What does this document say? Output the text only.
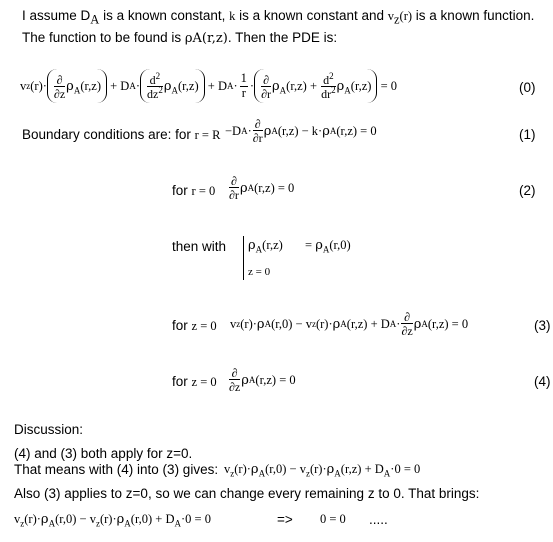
I assume $D_A$ is a known constant, k is a known constant and $v_z(r)$ is a known function.
The function to be found is ρA(r,z). Then the PDE is:
v z (r)· ∂
∂z
$\rho_A(r,z) + D$ $A \cdot \frac{d^2}{dz^2} \rho_A(r,z) + D$ $A \cdot \frac{1}{r}$ · ∂
∂r
$\rho_A(r,z) + \frac{d^2}{dr^2} \rho_A(r,z) = 0$	(0)
Boundary conditions are: for r = R −D A · ∂
∂r ρ A (r,z) − k· ρ A (r,z) = 0	(1)
for r = 0
∂
∂r ρ A (r,z) = 0	(2)
then with $\rho_A(r,z) = \rho_A(r,0)$
z = 0
for z = 0 v z (r)· ρ A (r,0) − v z (r)· ρ A (r,z) + D A · ∂
∂z ρ A (r,z) = 0	(3)
for z = 0
∂
∂z ρ A (r,z) = 0	(4)
Discussion:
(4) and (3) both apply for z=0.
That means with (4) into (3) gives: $v_z(r)\cdot\rho_A(r,0) - v_z(r)\cdot\rho_A(r,z) + D_A\cdot 0 = 0$
Also (3) applies to z=0, so we can change every remaining z to 0. That brings:
$v_z(r)\cdot\rho_A(r,0) - v_z(r)\cdot\rho_A(r,0) + D_A\cdot 0 = 0$	=> 0 = 0 .....
